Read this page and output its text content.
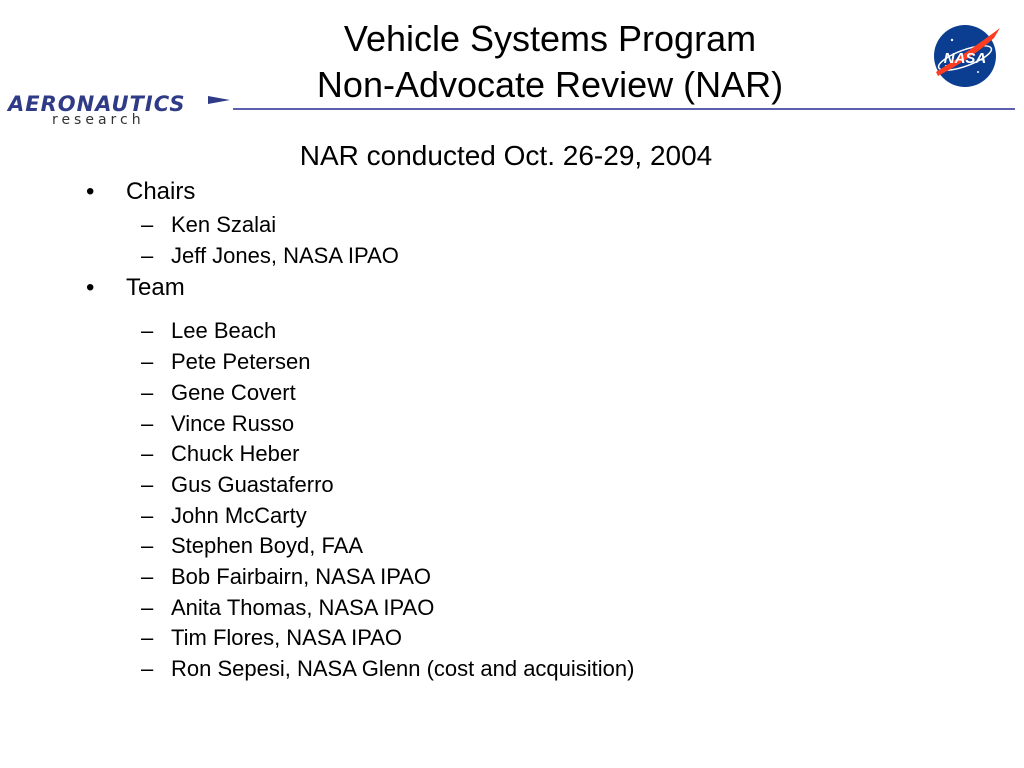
Vehicle Systems Program
Non-Advocate Review (NAR)
AERONAUTICS
research
NASA
NAR conducted Oct. 26-29, 2004
• Chairs
– Ken Szalai
– Jeff Jones, NASA IPAO
• Team
– Lee Beach
– Pete Petersen
– Gene Covert
– Vince Russo
– Chuck Heber
– Gus Guastaferro
– John McCarty
– Stephen Boyd, FAA
– Bob Fairbairn, NASA IPAO
– Anita Thomas, NASA IPAO
– Tim Flores, NASA IPAO
– Ron Sepesi, NASA Glenn (cost and acquisition)
